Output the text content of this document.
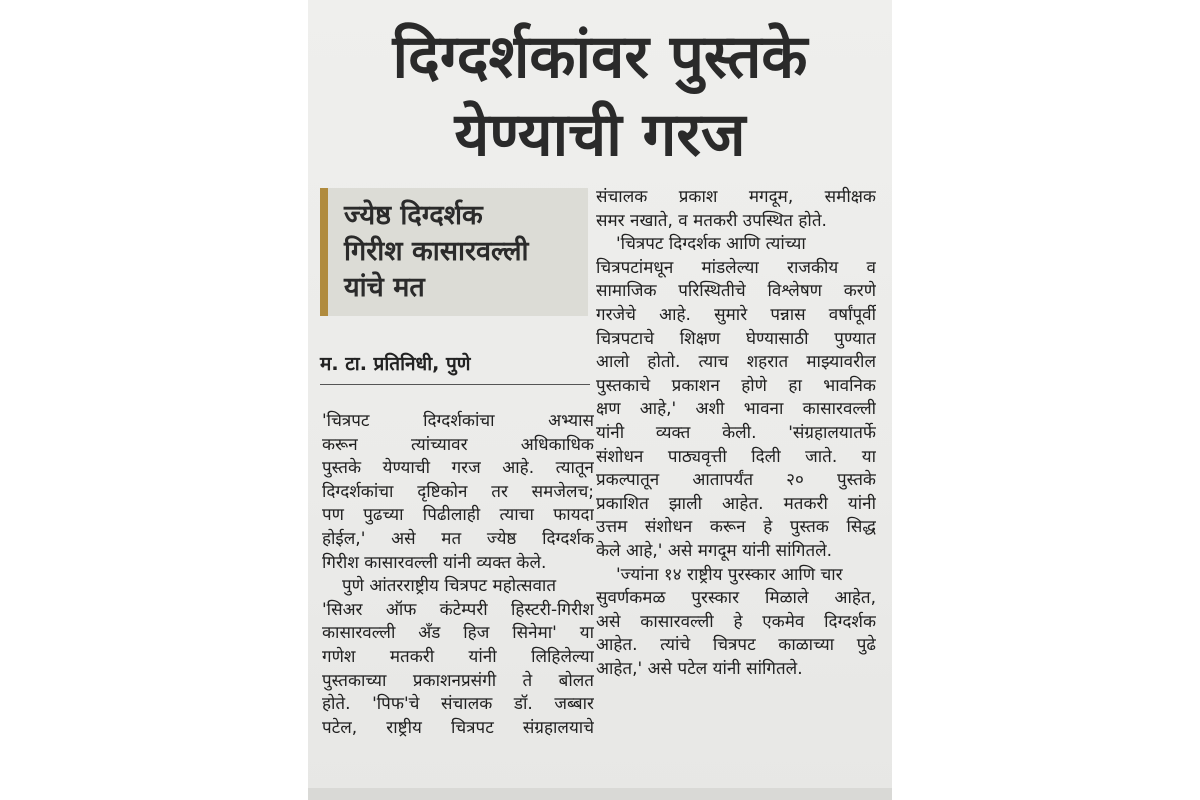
दिग्दर्शकांवर पुस्तके
येण्याची गरज
ज्येष्ठ दिग्दर्शक
गिरीश कासारवल्ली
यांचे मत
म. टा. प्रतिनिधी, पुणे
'चित्रपट दिग्दर्शकांचा अभ्यास
करून त्यांच्यावर अधिकाधिक
पुस्तके येण्याची गरज आहे. त्यातून
दिग्दर्शकांचा दृष्टिकोन तर समजेलच;
पण पुढच्या पिढीलाही त्याचा फायदा
होईल,' असे मत ज्येष्ठ दिग्दर्शक
गिरीश कासारवल्ली यांनी व्यक्त केले.
पुणे आंतरराष्ट्रीय चित्रपट महोत्सवात
'सिअर ऑफ कंटेम्परी हिस्टरी-गिरीश
कासारवल्ली अँड हिज सिनेमा' या
गणेश मतकरी यांनी लिहिलेल्या
पुस्तकाच्या प्रकाशनप्रसंगी ते बोलत
होते. 'पिफ'चे संचालक डॉ. जब्बार
पटेल, राष्ट्रीय चित्रपट संग्रहालयाचे
संचालक प्रकाश मगदूम, समीक्षक
समर नखाते, व मतकरी उपस्थित होते.
'चित्रपट दिग्दर्शक आणि त्यांच्या
चित्रपटांमधून मांडलेल्या राजकीय व
सामाजिक परिस्थितीचे विश्लेषण करणे
गरजेचे आहे. सुमारे पन्नास वर्षांपूर्वी
चित्रपटाचे शिक्षण घेण्यासाठी पुण्यात
आलो होतो. त्याच शहरात माझ्यावरील
पुस्तकाचे प्रकाशन होणे हा भावनिक
क्षण आहे,' अशी भावना कासारवल्ली
यांनी व्यक्त केली. 'संग्रहालयातर्फे
संशोधन पाठ्यवृत्ती दिली जाते. या
प्रकल्पातून आतापर्यंत २० पुस्तके
प्रकाशित झाली आहेत. मतकरी यांनी
उत्तम संशोधन करून हे पुस्तक सिद्ध
केले आहे,' असे मगदूम यांनी सांगितले.
'ज्यांना १४ राष्ट्रीय पुरस्कार आणि चार
सुवर्णकमळ पुरस्कार मिळाले आहेत,
असे कासारवल्ली हे एकमेव दिग्दर्शक
आहेत. त्यांचे चित्रपट काळाच्या पुढे
आहेत,' असे पटेल यांनी सांगितले.
